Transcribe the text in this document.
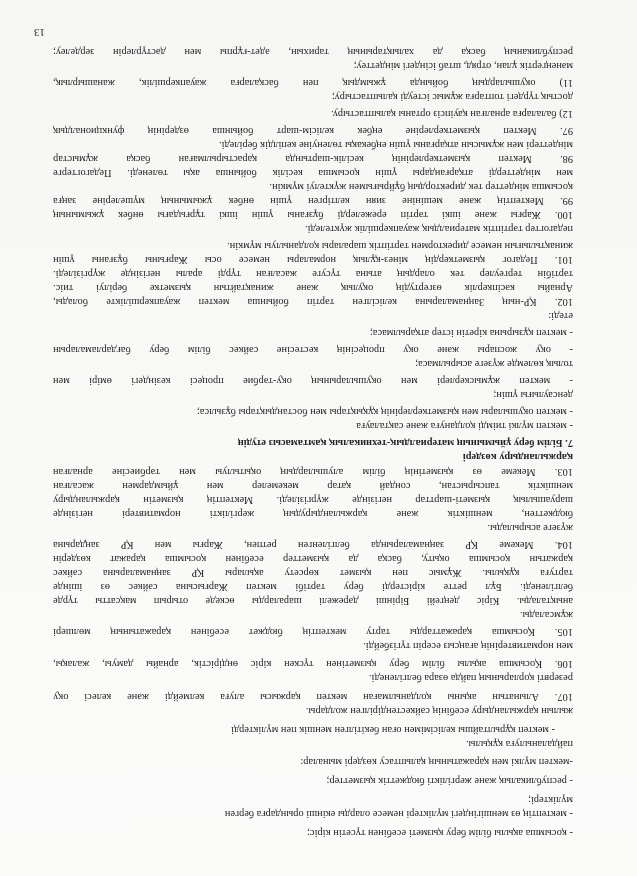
- қосымша ақылы білім беру қызметі есебінен түсетін кіріс;
- мектептің өз меншігіндегі мүліктері немесе оларды екінші орындарға берген
мүліктері;
- республикалық және жергілікті бюджеттік қызметтер;
-мектеп мүлкі мен қаражатының қалыптасу көздері мыналар:
пайдаланылуға құқылы.
- мектеп құрылтайшы келісімімен оған бекітілген меншік пен мүліктерді
жылын қаржыландыру есебінің сәйкестендірілген жолдары.
107. Алынатын ақыны қолданылмаған мектеп қаржысы алуға келмейді және келесі оқу
резервті қорларының пайда өзара белгіленеді.
106. Қосымша ақылы білім беру қызметінен түскен кіріс өндірістік, арнайы дамуы, жалақы,
мен нормативтерінің ағаңсыз есеріп түгізбейді.
105. Қосымша қаражаттарды тарту мектептің бюджет есебінен қаражатының мөлшері
жұмсалады.
анықталады. Кіріс деңгейі Бірінші дәрежелі шараларды өскеде отырып мақсатты түрде
белгіленеді. Бұл ретте кірістерді беру тәртібі мектеп Жарғысына сәйкес өз ішінде
тартуға құқылы. Жұмыс пен қызмет көрсету ақылары ҚР заңнамаларына сәйкес
қаржатын қосымша оқыту, басқа да қызметтер есебінен қосымша қаражат көздерін
104. Мекеме ҚР заңнамаларында белгіленген ретпен, Жарғы мен ҚР заңдарына
жүзеге асырылады.
бюджеттен, меншіктік және қаржыландырудың жергілікті нормативтері негізінде
шаруашылық қызметі-шарттар негізінде жүргізіледі. Мектептің қызметін қаржыландыру
меншіктік тапсырыстан, сондай қатар мекемелер мен ұйымдармен жасалған
103. Мекеме өз қызметінің білім алушылардың оқытылуы мен тәрбиесіне арналған
қаржыландыру көздері
7. Білім беру ұйымының материалдық-техникалық қамтамасыз етудің
- мектеп мүлкі тиімді қолдануға және сақталауға
- мектеп оқушылары мен қызметкерлерінің құқықтары мен бостандықтары бұзылса;
денсаулығы үшін;
- мектеп жұмыскерлері мен оқушыларының оқу-тәрбие процесі кезіндегі өмірі мен
толық көлемде жүзеге асырылмаса;
- оқу жоспары және оқу процесінің кестесіне сәйкес білім беру бағдарламаларын
- мектеп құзырына кіретін істер атқарылмаса;
етеді:
102. ҚР-ның Заңнамаларына келісілген тәртіп бойынша мектеп жауапкершілікте болады,
Арнайы кәсіпкерлік өзгертудің оқулық және жинақтайтын қызметке берілуі тиіс.
тәртібін тергеулер тек олардың атына түсуге жасалған түрді аралы негізінде жүргізіледі.
101. Педагог қызметкердің мінез-құлық нормалары немесе осы Жарғыны бұзғаны үшін
жинақтылығын немесе директормен тәртіптік шаралары қолданылуы мүмкін.
педагогтер тәртіптік материалдық жауапкершілік жүктеледі.
100. Жарғы және ішкі тәртіп ережелерді бұзғаны үшін ішкі тұрғыдағы өнбек ұжымының
99. Мектептің және мешініне зиян келтірген үшін өнбек ұжымының мүшелеріне заңға
қосымша міндеттер тек директордың бұйрығымен жүктелуі мүмкін.
мен міндеттерді атқарғандары үшін қосымша кесілік бойынша ақы төленеді. Педагогтерге
98. Мектеп қызметкерлерінің кесілік-шартында қарастырылмаған басқа жұмыстар
міндеттері мен жұмысын атқарғаны үшін еңбекақы төленуіне кепілдік беріледі.
97. Мектеп қызметкерлеріне еңбек келісім-шарт бойынша өздерінің функционалдық
12) балаларға арналған қауіпсіз ортаны қалыптастыру.
достық түрдегі топтарға жұмыс істеуді қалыптастыру;
11) оқушылардың бойында ұжымдық пен басқаларға жауапкершілік, жанашырлық,
мәнеңгертік ұлан, отряд, штаб ісіндегі міндеттеу;
республиканың басқа да халықтарының тарихын, әдет-ғұрпы мен дәстүрлерін зерделеу;
13
